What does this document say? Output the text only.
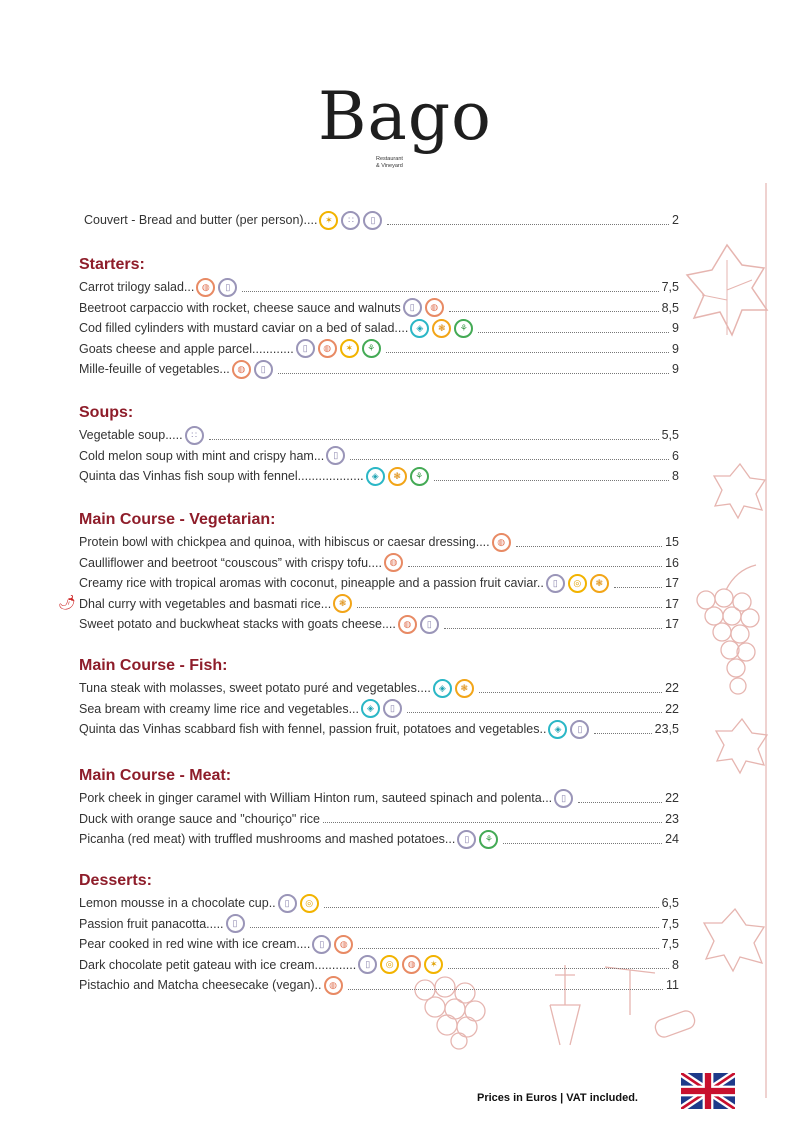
Bago
Restaurant
& Vineyard
Couvert - Bread and butter (per person).... ✶	∷	▯	2
Starters:
Carrot trilogy salad... ◍	▯	7,5
Beetroot carpaccio with rocket, cheese sauce and walnuts	▯	◍	8,5
Cod filled cylinders with mustard caviar on a bed of salad.... ◈	❃	⚘	9
Goats cheese and apple parcel............	▯	◍	✶	⚘	9
Mille-feuille of vegetables... ◍	▯	9
Soups:
Vegetable soup..... ∷	5,5
Cold melon soup with mint and crispy ham...	▯	6
Quinta das Vinhas fish soup with fennel................... ◈	❃	⚘	8
Main Course - Vegetarian:
Protein bowl with chickpea and quinoa, with hibiscus or caesar dressing.... ◍	15
Caulliflower and beetroot “couscous” with crispy tofu.... ◍	16
Creamy rice with tropical aromas with coconut, pineapple and a passion fruit caviar..	▯	◎	❃	17
Dhal curry with vegetables and basmati rice... ❃	17
Sweet potato and buckwheat stacks with goats cheese.... ◍	▯	17
Main Course - Fish:
Tuna steak with molasses, sweet potato puré and vegetables.... ◈	❃	22
Sea bream with creamy lime rice and vegetables... ◈	▯	22
Quinta das Vinhas scabbard fish with fennel, passion fruit, potatoes and vegetables.. ◈	▯	23,5
Main Course - Meat:
Pork cheek in ginger caramel with William Hinton rum, sauteed spinach and polenta...	▯	22
Duck with orange sauce and "chouriço" rice	23
Picanha (red meat) with truffled mushrooms and mashed potatoes...	▯	⚘	24
Desserts:
Lemon mousse in a chocolate cup..	▯	◎	6,5
Passion fruit panacotta.....	▯	7,5
Pear cooked in red wine with ice cream....	▯	◍	7,5
Dark chocolate petit gateau with ice cream............	▯	◎	◍	✶	8
Pistachio and Matcha cheesecake (vegan).. ◍	11
🌶
Prices in Euros | VAT included.
